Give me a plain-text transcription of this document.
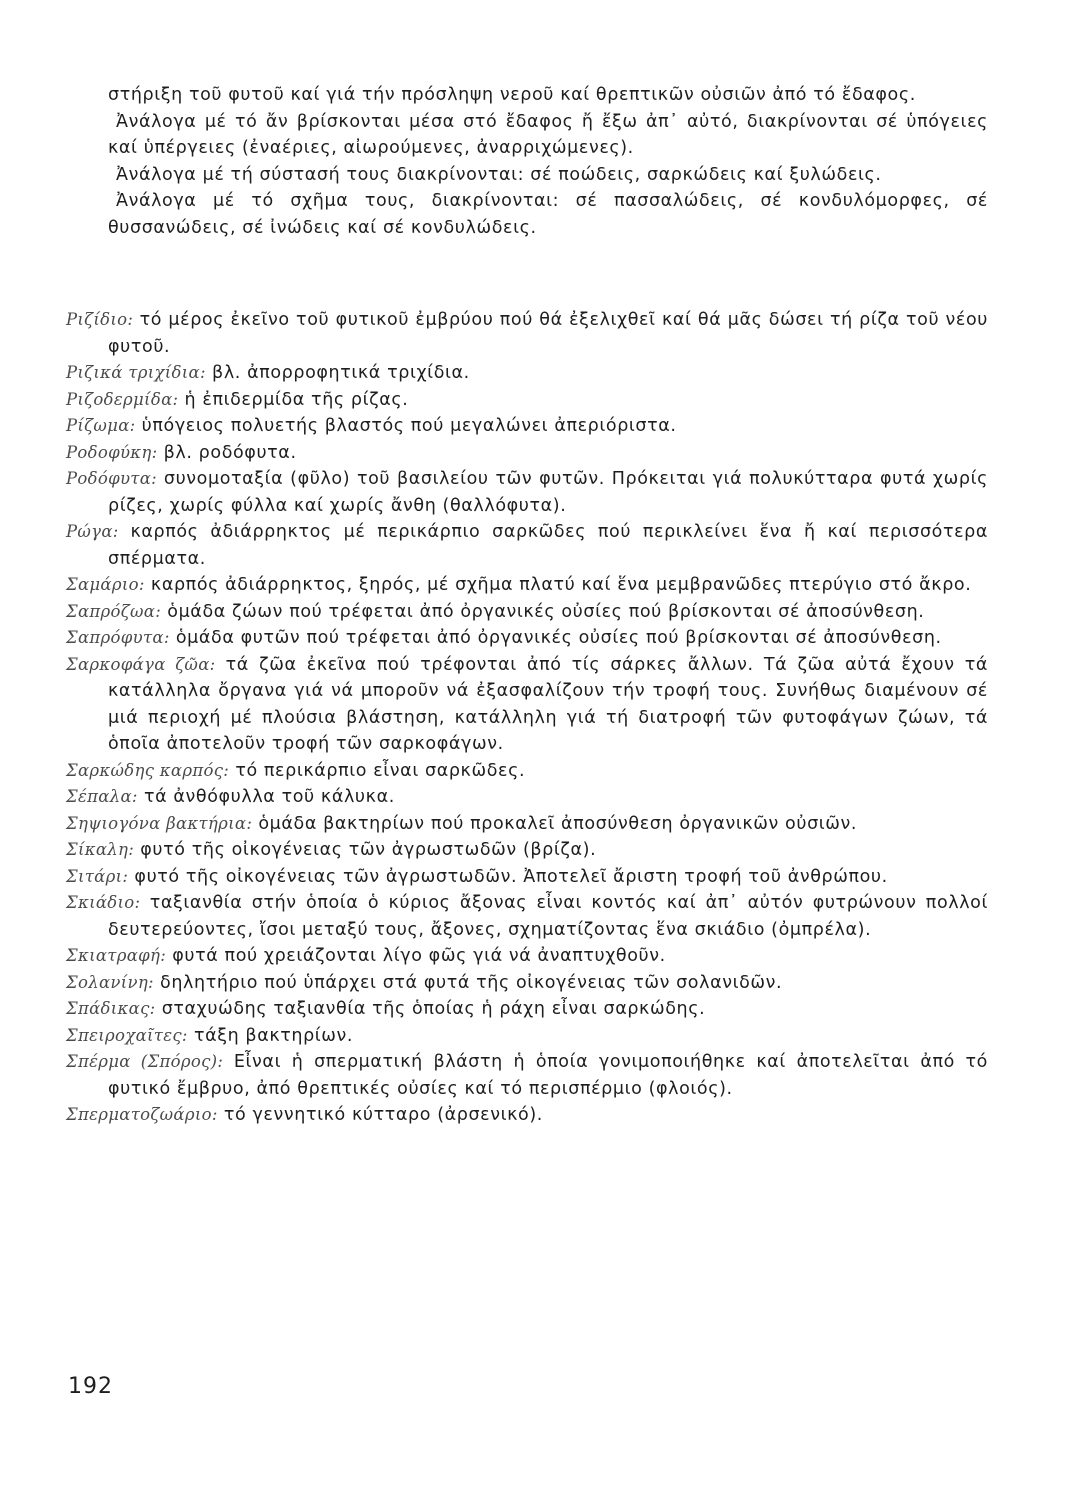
στήριξη τοῦ φυτοῦ καί γιά τήν πρόσληψη νεροῦ καί θρεπτικῶν οὐσιῶν ἀπό τό ἔδαφος.

Ἀνάλογα μέ τό ἄν βρίσκονται μέσα στό ἔδαφος ἤ ἔξω ἀπ᾽ αὐτό, διακρίνονται σέ ὑπόγειες καί ὑπέργειες (ἐναέριες, αἰωρούμενες, ἀναρριχώμενες).

Ἀνάλογα μέ τή σύστασή τους διακρίνονται: σέ ποώδεις, σαρκώδεις καί ξυλώδεις.

Ἀνάλογα μέ τό σχῆμα τους, διακρίνονται: σέ πασσαλώδεις, σέ κονδυλόμορφες, σέ θυσσανώδεις, σέ ἰνώδεις καί σέ κονδυλώδεις.

Ριζίδιο: τό μέρος ἐκεῖνο τοῦ φυτικοῦ ἐμβρύου πού θά ἐξελιχθεῖ καί θά μᾶς δώσει τή ρίζα τοῦ νέου φυτοῦ.

Ριζικά τριχίδια: βλ. ἀπορροφητικά τριχίδια.

Ριζοδερμίδα: ἡ ἐπιδερμίδα τῆς ρίζας.

Ρίζωμα: ὑπόγειος πολυετής βλαστός πού μεγαλώνει ἀπεριόριστα.

Ροδοφύκη: βλ. ροδόφυτα.

Ροδόφυτα: συνομοταξία (φῦλο) τοῦ βασιλείου τῶν φυτῶν. Πρόκειται γιά πολυκύτταρα φυτά χωρίς ρίζες, χωρίς φύλλα καί χωρίς ἄνθη (θαλλόφυτα).

Ρώγα: καρπός ἀδιάρρηκτος μέ περικάρπιο σαρκῶδες πού περικλείνει ἕνα ἤ καί περισσότερα σπέρματα.

Σαμάριο: καρπός ἀδιάρρηκτος, ξηρός, μέ σχῆμα πλατύ καί ἕνα μεμβρανῶδες πτερύγιο στό ἄκρο.

Σαπρόζωα: ὁμάδα ζώων πού τρέφεται ἀπό ὀργανικές οὐσίες πού βρίσκονται σέ ἀποσύνθεση.

Σαπρόφυτα: ὁμάδα φυτῶν πού τρέφεται ἀπό ὀργανικές οὐσίες πού βρίσκονται σέ ἀποσύνθεση.

Σαρκοφάγα ζῶα: τά ζῶα ἐκεῖνα πού τρέφονται ἀπό τίς σάρκες ἄλλων. Τά ζῶα αὐτά ἔχουν τά κατάλληλα ὄργανα γιά νά μποροῦν νά ἐξασφαλίζουν τήν τροφή τους. Συνήθως διαμένουν σέ μιά περιοχή μέ πλούσια βλάστηση, κατάλληλη γιά τή διατροφή τῶν φυτοφάγων ζώων, τά ὁποῖα ἀποτελοῦν τροφή τῶν σαρκοφάγων.

Σαρκώδης καρπός: τό περικάρπιο εἶναι σαρκῶδες.

Σέπαλα: τά ἀνθόφυλλα τοῦ κάλυκα.

Σηψιογόνα βακτήρια: ὁμάδα βακτηρίων πού προκαλεῖ ἀποσύνθεση ὀργανικῶν οὐσιῶν.

Σίκαλη: φυτό τῆς οἰκογένειας τῶν ἀγρωστωδῶν (βρίζα).

Σιτάρι: φυτό τῆς οἰκογένειας τῶν ἀγρωστωδῶν. Ἀποτελεῖ ἄριστη τροφή τοῦ ἀνθρώπου.

Σκιάδιο: ταξιανθία στήν ὁποία ὁ κύριος ἄξονας εἶναι κοντός καί ἀπ᾽ αὐτόν φυτρώνουν πολλοί δευτερεύοντες, ἴσοι μεταξύ τους, ἄξονες, σχηματίζοντας ἕνα σκιάδιο (ὀμπρέλα).

Σκιατραφή: φυτά πού χρειάζονται λίγο φῶς γιά νά ἀναπτυχθοῦν.

Σολανίνη: δηλητήριο πού ὑπάρχει στά φυτά τῆς οἰκογένειας τῶν σολανιδῶν.

Σπάδικας: σταχυώδης ταξιανθία τῆς ὁποίας ἡ ράχη εἶναι σαρκώδης.

Σπειροχαῖτες: τάξη βακτηρίων.

Σπέρμα (Σπόρος): Εἶναι ἡ σπερματική βλάστη ἡ ὁποία γονιμοποιήθηκε καί ἀποτελεῖται ἀπό τό φυτικό ἔμβρυο, ἀπό θρεπτικές οὐσίες καί τό περισπέρμιο (φλοιός).

Σπερματοζωάριο: τό γεννητικό κύτταρο (ἀρσενικό).

192
